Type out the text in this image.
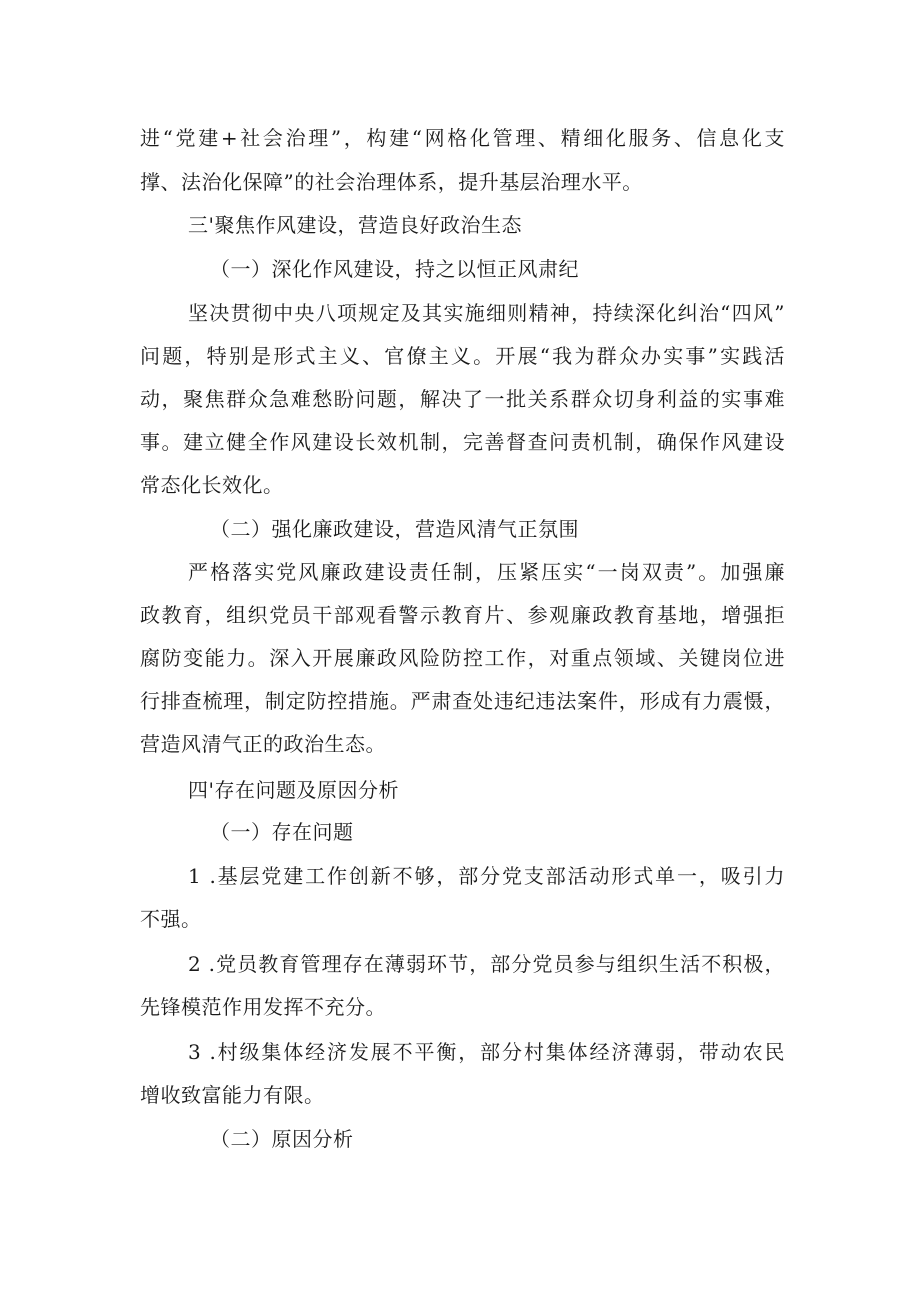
进“党建+社会治理”，构建“网格化管理、精细化服务、信息化支
撑、法治化保障”的社会治理体系，提升基层治理水平。
三'聚焦作风建设，营造良好政治生态
（一）深化作风建设，持之以恒正风肃纪
坚决贯彻中央八项规定及其实施细则精神，持续深化纠治“四风”
问题，特别是形式主义、官僚主义。开展“我为群众办实事”实践活
动，聚焦群众急难愁盼问题，解决了一批关系群众切身利益的实事难
事。建立健全作风建设长效机制，完善督查问责机制，确保作风建设
常态化长效化。
（二）强化廉政建设，营造风清气正氛围
严格落实党风廉政建设责任制，压紧压实“一岗双责”。加强廉
政教育，组织党员干部观看警示教育片、参观廉政教育基地，增强拒
腐防变能力。深入开展廉政风险防控工作，对重点领域、关键岗位进
行排查梳理，制定防控措施。严肃查处违纪违法案件，形成有力震慑，
营造风清气正的政治生态。
四'存在问题及原因分析
（一）存在问题
1 .基层党建工作创新不够，部分党支部活动形式单一，吸引力
不强。
2 .党员教育管理存在薄弱环节，部分党员参与组织生活不积极，
先锋模范作用发挥不充分。
3 .村级集体经济发展不平衡，部分村集体经济薄弱，带动农民
增收致富能力有限。
（二）原因分析
